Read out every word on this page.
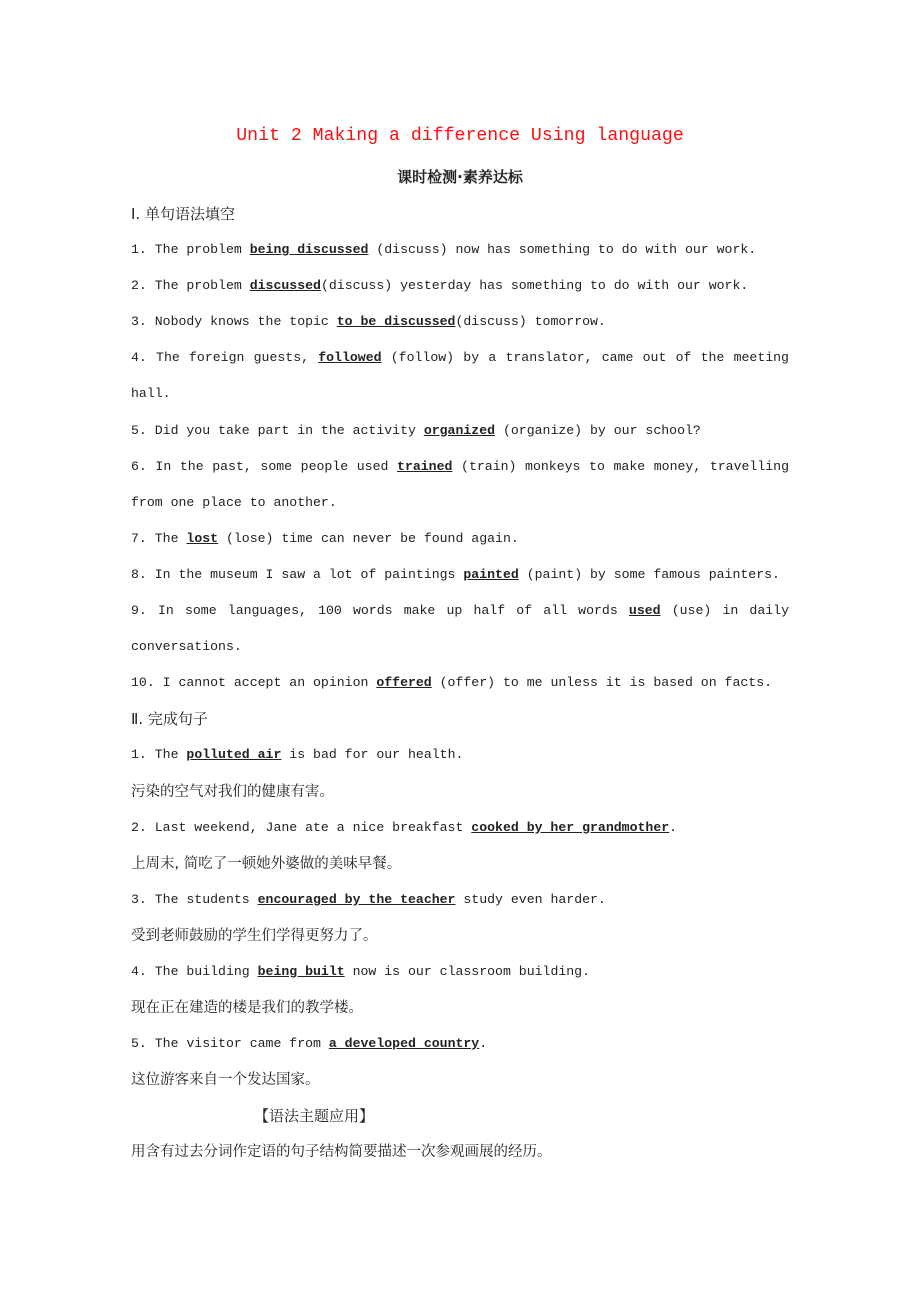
Unit 2 Making a difference Using language
课时检测·素养达标
Ⅰ. 单句语法填空
1. The problem being discussed (discuss) now has something to do with our work.
2. The problem discussed(discuss) yesterday has something to do with our work.
3. Nobody knows the topic to be discussed(discuss) tomorrow.
4. The foreign guests, followed (follow) by a translator, came out of the meeting hall.
5. Did you take part in the activity organized (organize) by our school?
6. In the past, some people used trained (train) monkeys to make money, travelling from one place to another.
7. The lost (lose) time can never be found again.
8. In the museum I saw a lot of paintings painted (paint) by some famous painters.
9. In some languages, 100 words make up half of all words used (use) in daily conversations.
10. I cannot accept an opinion offered (offer) to me unless it is based on facts.
Ⅱ. 完成句子
1. The polluted air is bad for our health.
污染的空气对我们的健康有害。
2. Last weekend, Jane ate a nice breakfast cooked by her grandmother.
上周末, 简吃了一顿她外婆做的美味早餐。
3. The students encouraged by the teacher study even harder.
受到老师鼓励的学生们学得更努力了。
4. The building being built now is our classroom building.
现在正在建造的楼是我们的教学楼。
5. The visitor came from a developed country.
这位游客来自一个发达国家。
【语法主题应用】
用含有过去分词作定语的句子结构简要描述一次参观画展的经历。
